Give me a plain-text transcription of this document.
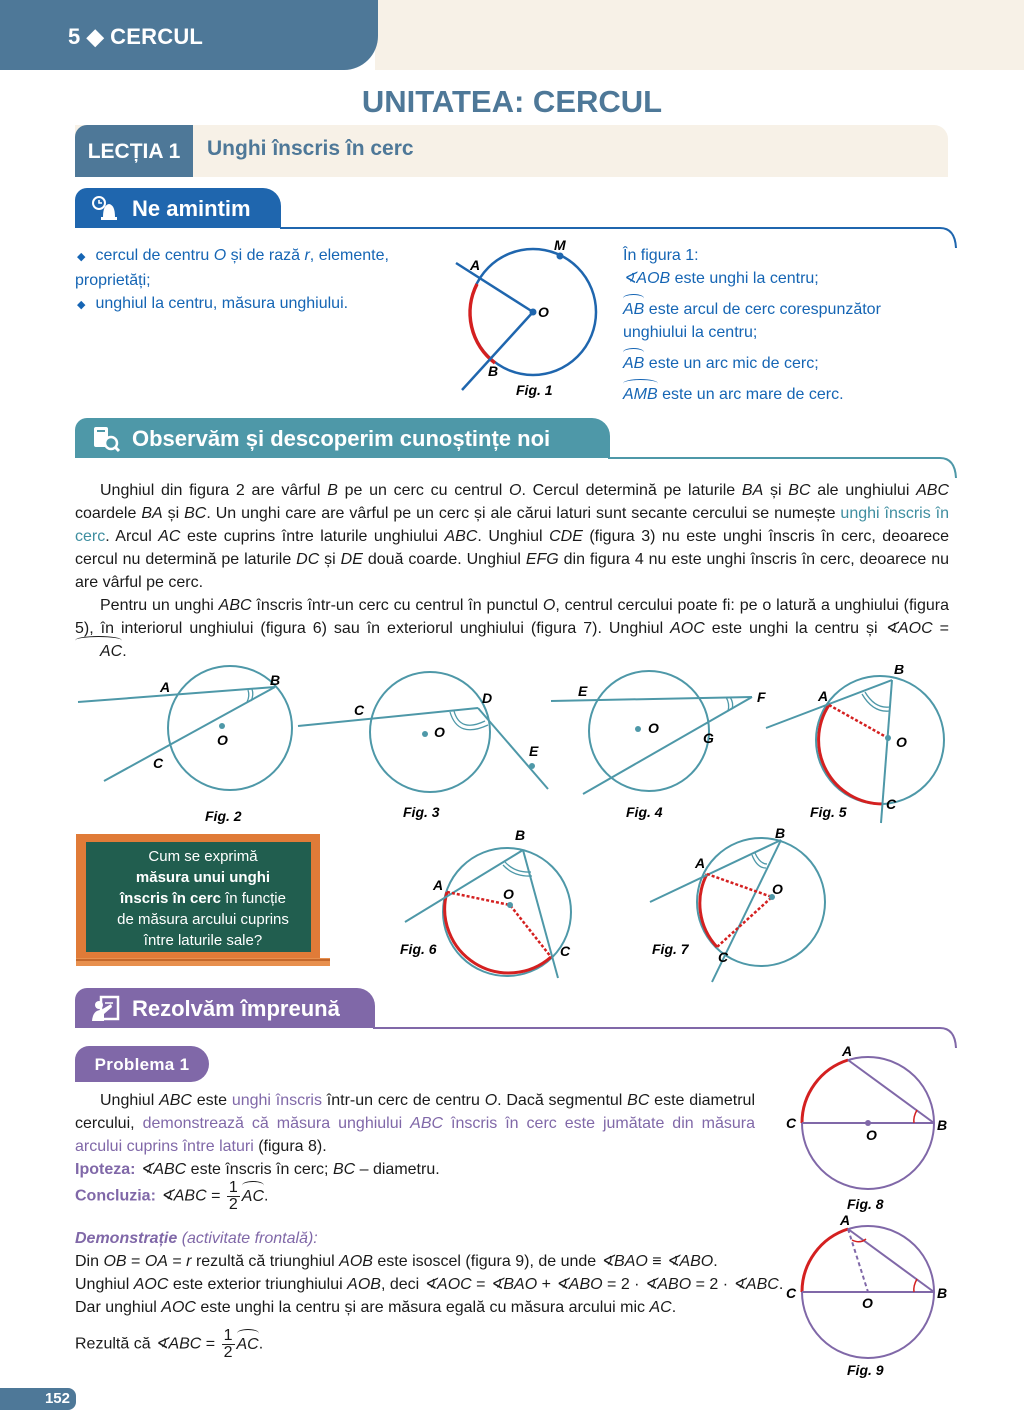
5 ◆ CERCUL
UNITATEA: CERCUL
LECȚIA 1	Unghi înscris în cerc
Ne amintim
◆ cercul de centru O și de rază r, elemente, proprietăți;
◆ unghiul la centru, măsura unghiului.
A
M
O
B
Fig. 1
În figura 1:
∢AOB este unghi la centru;
AB este arcul de cerc corespunzător
unghiului la centru;
AB este un arc mic de cerc;
AMB este un arc mare de cerc.
Observăm și descoperim cunoștințe noi
Unghiul din figura 2 are vârful B pe un cerc cu centrul O. Cercul determină pe laturile BA și BC ale unghiului ABC coardele BA și BC. Un unghi care are vârful pe un cerc și ale cărui laturi sunt secante cercului se numește unghi înscris în cerc. Arcul AC este cuprins între laturile unghiului ABC. Unghiul CDE (figura 3) nu este unghi înscris în cerc, deoarece cercul nu determină pe laturile DC și DE două coarde. Unghiul EFG din figura 4 nu este unghi înscris în cerc, deoarece nu are vârful pe cerc.
Pentru un unghi ABC înscris într-un cerc cu centrul în punctul O, centrul cercului poate fi: pe o latură a unghiului (figura 5), în interiorul unghiului (figura 6) sau în exteriorul unghiului (figura 7). Unghiul AOC este unghi la centru și ∢AOC = AC.
A	B
O
C
Fig. 2
C
D
O
E
Fig. 3
E	F
O
G
Fig. 4
B
A
O
C
Fig. 5
Cum se exprimă
măsura unui unghi
înscris în cerc în funcție
de măsura arcului cuprins
între laturile sale?
B
A
O
C
Fig. 6
B
A
O
C
Fig. 7
Rezolvăm împreună
Problema 1
Unghiul ABC este unghi înscris într-un cerc de centru O. Dacă segmentul BC este diametrul cercului, demonstrează că măsura unghiului ABC înscris în cerc este jumătate din măsura arcului cuprins între laturi (figura 8).
Ipoteza: ∢ABC este înscris în cerc; BC – diametru.
Concluzia: ∢ABC = $\frac{1}{2}$ AC.
Demonstrație (activitate frontală):
Din OB = OA = r rezultă că triunghiul AOB este isoscel (figura 9), de unde ∢BAO ≡ ∢ABO.
Unghiul AOC este exterior triunghiului AOB, deci ∢AOC = ∢BAO + ∢ABO = 2 · ∢ABO = 2 · ∢ABC.
Dar unghiul AOC este unghi la centru și are măsura egală cu măsura arcului mic AC.
Rezultă că ∢ABC = $\frac{1}{2}$ AC.
A
C
O
B
Fig. 8
A
C
O
B
Fig. 9
152
